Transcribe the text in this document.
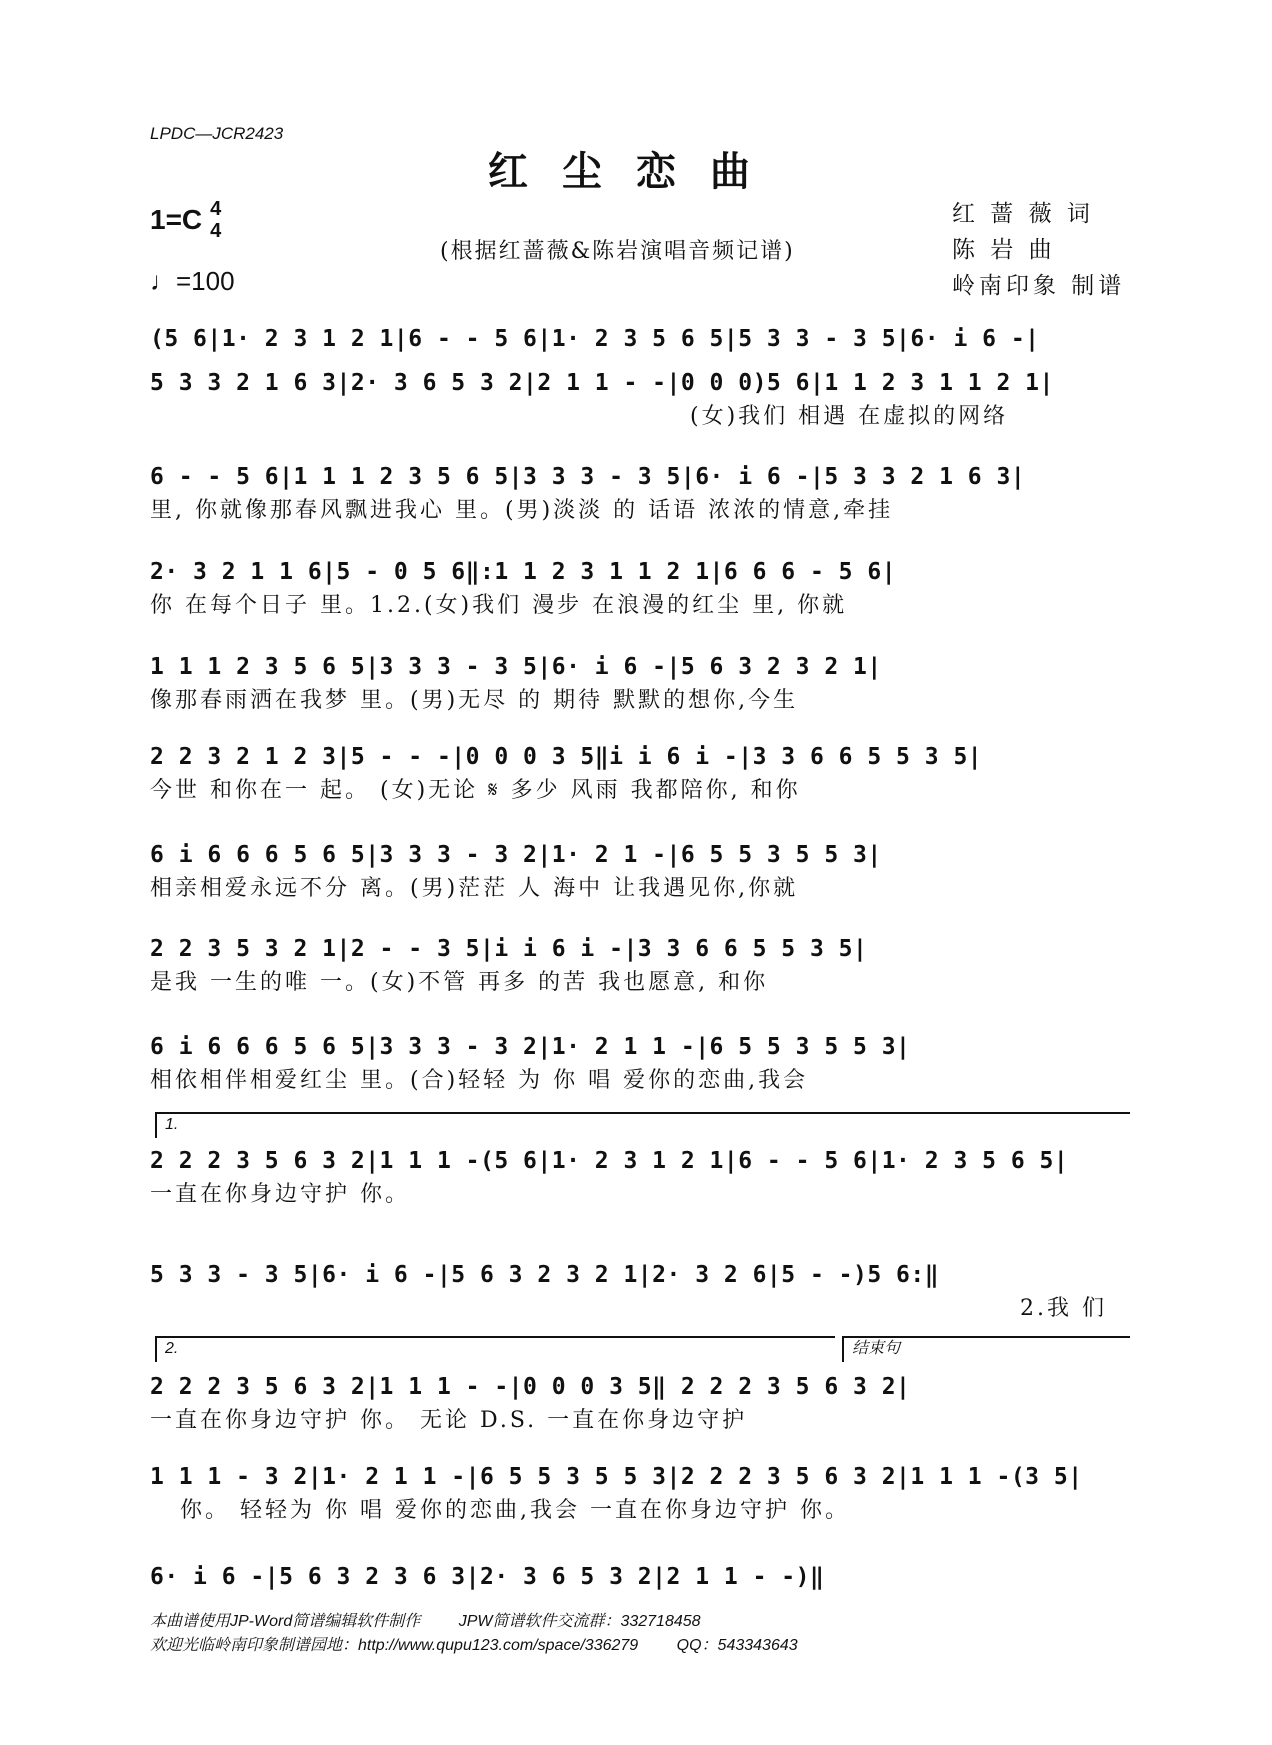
LPDC—JCR2423
红尘恋曲
1=C 4
4
♩=100
(根据红蔷薇&陈岩演唱音频记谱)
红 蔷 薇 词
陈 岩 曲
岭南印象 制谱
(5 6|1· 2 3 1 2 1|6 - - 5 6|1· 2 3 5 6 5|5 3 3 - 3 5|6· i 6 -|
5 3 3 2 1 6 3|2· 3 6 5 3 2|2 1 1 - -|0 0 0)5 6|1 1 2 3 1 1 2 1|
(女)我们 相遇 在虚拟的网络
6 - - 5 6|1 1 1 2 3 5 6 5|3 3 3 - 3 5|6· i 6 -|5 3 3 2 1 6 3|
里, 你就像那春风飘进我心 里。(男)淡淡 的 话语 浓浓的情意,牵挂
2· 3 2 1 1 6|5 - 0 5 6‖:1 1 2 3 1 1 2 1|6 6 6 - 5 6|
你 在每个日子 里。1.2.(女)我们 漫步 在浪漫的红尘 里, 你就
1 1 1 2 3 5 6 5|3 3 3 - 3 5|6· i 6 -|5 6 3 2 3 2 1|
像那春雨洒在我梦 里。(男)无尽 的 期待 默默的想你,今生
2 2 3 2 1 2 3|5 - - -|0 0 0 3 5‖i i 6 i -|3 3 6 6 5 5 3 5|
今世 和你在一 起。 (女)无论 𝄋 多少 风雨 我都陪你, 和你
6 i 6 6 6 5 6 5|3 3 3 - 3 2|1· 2 1 -|6 5 5 3 5 5 3|
相亲相爱永远不分 离。(男)茫茫 人 海中 让我遇见你,你就
2 2 3 5 3 2 1|2 - - 3 5|i i 6 i -|3 3 6 6 5 5 3 5|
是我 一生的唯 一。(女)不管 再多 的苦 我也愿意, 和你
6 i 6 6 6 5 6 5|3 3 3 - 3 2|1· 2 1 1 -|6 5 5 3 5 5 3|
相依相伴相爱红尘 里。(合)轻轻 为 你 唱 爱你的恋曲,我会
1.
2 2 2 3 5 6 3 2|1 1 1 -(5 6|1· 2 3 1 2 1|6 - - 5 6|1· 2 3 5 6 5|
一直在你身边守护 你。
5 3 3 - 3 5|6· i 6 -|5 6 3 2 3 2 1|2· 3 2 6|5 - -)5 6:‖
2.我 们
2.	结束句
2 2 2 3 5 6 3 2|1 1 1 - -|0 0 0 3 5‖ 2 2 2 3 5 6 3 2|
一直在你身边守护 你。 无论 D.S. 一直在你身边守护
1 1 1 - 3 2|1· 2 1 1 -|6 5 5 3 5 5 3|2 2 2 3 5 6 3 2|1 1 1 -(3 5|
你。 轻轻为 你 唱 爱你的恋曲,我会 一直在你身边守护 你。
6· i 6 -|5 6 3 2 3 6 3|2· 3 6 5 3 2|2 1 1 - -)‖
本曲谱使用JP-Word简谱编辑软件制作 JPW简谱软件交流群：332718458
欢迎光临岭南印象制谱园地：http://www.qupu123.com/space/336279 QQ：543343643
